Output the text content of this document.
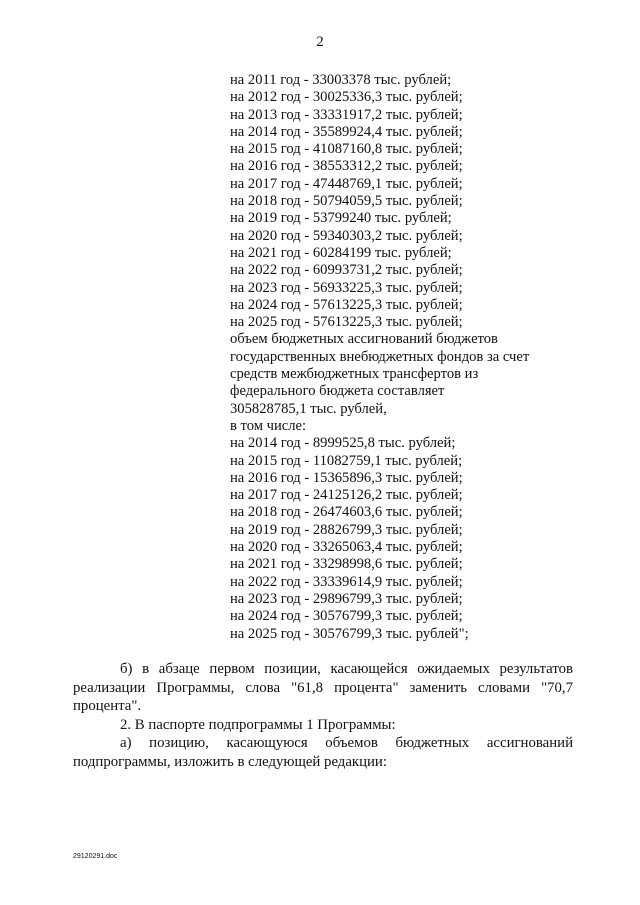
2
на 2011 год - 33003378 тыс. рублей;
на 2012 год - 30025336,3 тыс. рублей;
на 2013 год - 33331917,2 тыс. рублей;
на 2014 год - 35589924,4 тыс. рублей;
на 2015 год - 41087160,8 тыс. рублей;
на 2016 год - 38553312,2 тыс. рублей;
на 2017 год - 47448769,1 тыс. рублей;
на 2018 год - 50794059,5 тыс. рублей;
на 2019 год - 53799240 тыс. рублей;
на 2020 год - 59340303,2 тыс. рублей;
на 2021 год - 60284199 тыс. рублей;
на 2022 год - 60993731,2 тыс. рублей;
на 2023 год - 56933225,3 тыс. рублей;
на 2024 год - 57613225,3 тыс. рублей;
на 2025 год - 57613225,3 тыс. рублей;
объем бюджетных ассигнований бюджетов
государственных внебюджетных фондов за счет
средств межбюджетных трансфертов из
федерального бюджета составляет
305828785,1 тыс. рублей,
в том числе:
на 2014 год - 8999525,8 тыс. рублей;
на 2015 год - 11082759,1 тыс. рублей;
на 2016 год - 15365896,3 тыс. рублей;
на 2017 год - 24125126,2 тыс. рублей;
на 2018 год - 26474603,6 тыс. рублей;
на 2019 год - 28826799,3 тыс. рублей;
на 2020 год - 33265063,4 тыс. рублей;
на 2021 год - 33298998,6 тыс. рублей;
на 2022 год - 33339614,9 тыс. рублей;
на 2023 год - 29896799,3 тыс. рублей;
на 2024 год - 30576799,3 тыс. рублей;
на 2025 год - 30576799,3 тыс. рублей";

б) в абзаце первом позиции, касающейся ожидаемых результатов реализации Программы, слова "61,8 процента" заменить словами "70,7 процента".

2. В паспорте подпрограммы 1 Программы:

а) позицию, касающуюся объемов бюджетных ассигнований подпрограммы, изложить в следующей редакции:

29120291.doc
